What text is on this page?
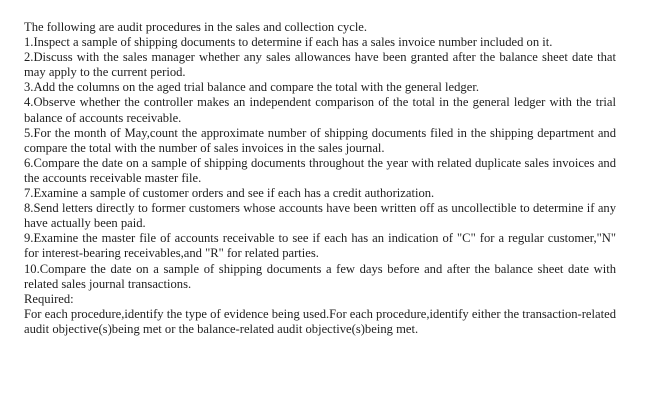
The following are audit procedures in the sales and collection cycle.

1.Inspect a sample of shipping documents to determine if each has a sales invoice number included on it.

2.Discuss with the sales manager whether any sales allowances have been granted after the balance sheet date that may apply to the current period.

3.Add the columns on the aged trial balance and compare the total with the general ledger.

4.Observe whether the controller makes an independent comparison of the total in the general ledger with the trial balance of accounts receivable.

5.For the month of May,count the approximate number of shipping documents filed in the shipping department and compare the total with the number of sales invoices in the sales journal.

6.Compare the date on a sample of shipping documents throughout the year with related duplicate sales invoices and the accounts receivable master file.

7.Examine a sample of customer orders and see if each has a credit authorization.

8.Send letters directly to former customers whose accounts have been written off as uncollectible to determine if any have actually been paid.

9.Examine the master file of accounts receivable to see if each has an indication of "C" for a regular customer,"N" for interest-bearing receivables,and "R" for related parties.

10.Compare the date on a sample of shipping documents a few days before and after the balance sheet date with related sales journal transactions.

Required:

For each procedure,identify the type of evidence being used.For each procedure,identify either the transaction-related audit objective(s)being met or the balance-related audit objective(s)being met.
